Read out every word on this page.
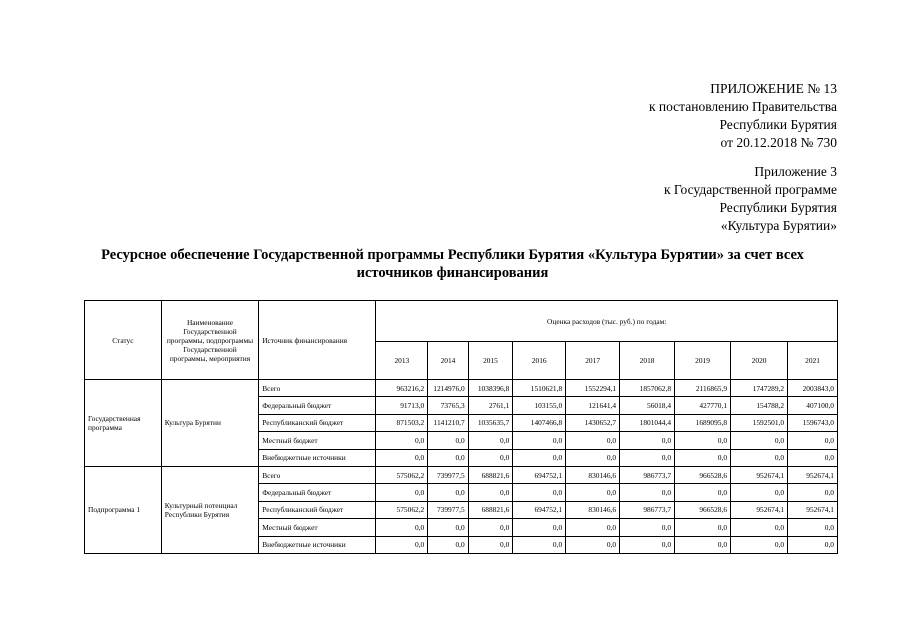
ПРИЛОЖЕНИЕ № 13
к постановлению Правительства
Республики Бурятия
от 20.12.2018 № 730
Приложение 3
к Государственной программе
Республики Бурятия
«Культура Бурятии»
Ресурсное обеспечение Государственной программы Республики Бурятия «Культура Бурятии» за счет всех
источников финансирования
Статус	Наименование Государственной программы, подпрограммы Государственной программы, мероприятия	Источник финансирования	Оценка расходов (тыс. руб.) по годам:								
			2013	2014	2015	2016	2017	2018	2019	2020	2021
Государственная программа	Культура Бурятии	Всего	963216,2	1214976,0	1038396,8	1510621,8	1552294,1	1857062,8	2116865,9	1747289,2	2003843,0
		Федеральный бюджет	91713,0	73765,3	2761,1	103155,0	121641,4	56018,4	427770,1	154788,2	407100,0
		Республиканский бюджет	871503,2	1141210,7	1035635,7	1407466,8	1430652,7	1801044,4	1689095,8	1592501,0	1596743,0
		Местный бюджет	0,0	0,0	0,0	0,0	0,0	0,0	0,0	0,0	0,0
		Внебюджетные источники	0,0	0,0	0,0	0,0	0,0	0,0	0,0	0,0	0,0
Подпрограмма 1	Культурный потенциал Республики Бурятия	Всего	575062,2	739977,5	688821,6	694752,1	830146,6	986773,7	966528,6	952674,1	952674,1
		Федеральный бюджет	0,0	0,0	0,0	0,0	0,0	0,0	0,0	0,0	0,0
		Республиканский бюджет	575062,2	739977,5	688821,6	694752,1	830146,6	986773,7	966528,6	952674,1	952674,1
		Местный бюджет	0,0	0,0	0,0	0,0	0,0	0,0	0,0	0,0	0,0
		Внебюджетные источники	0,0	0,0	0,0	0,0	0,0	0,0	0,0	0,0	0,0
